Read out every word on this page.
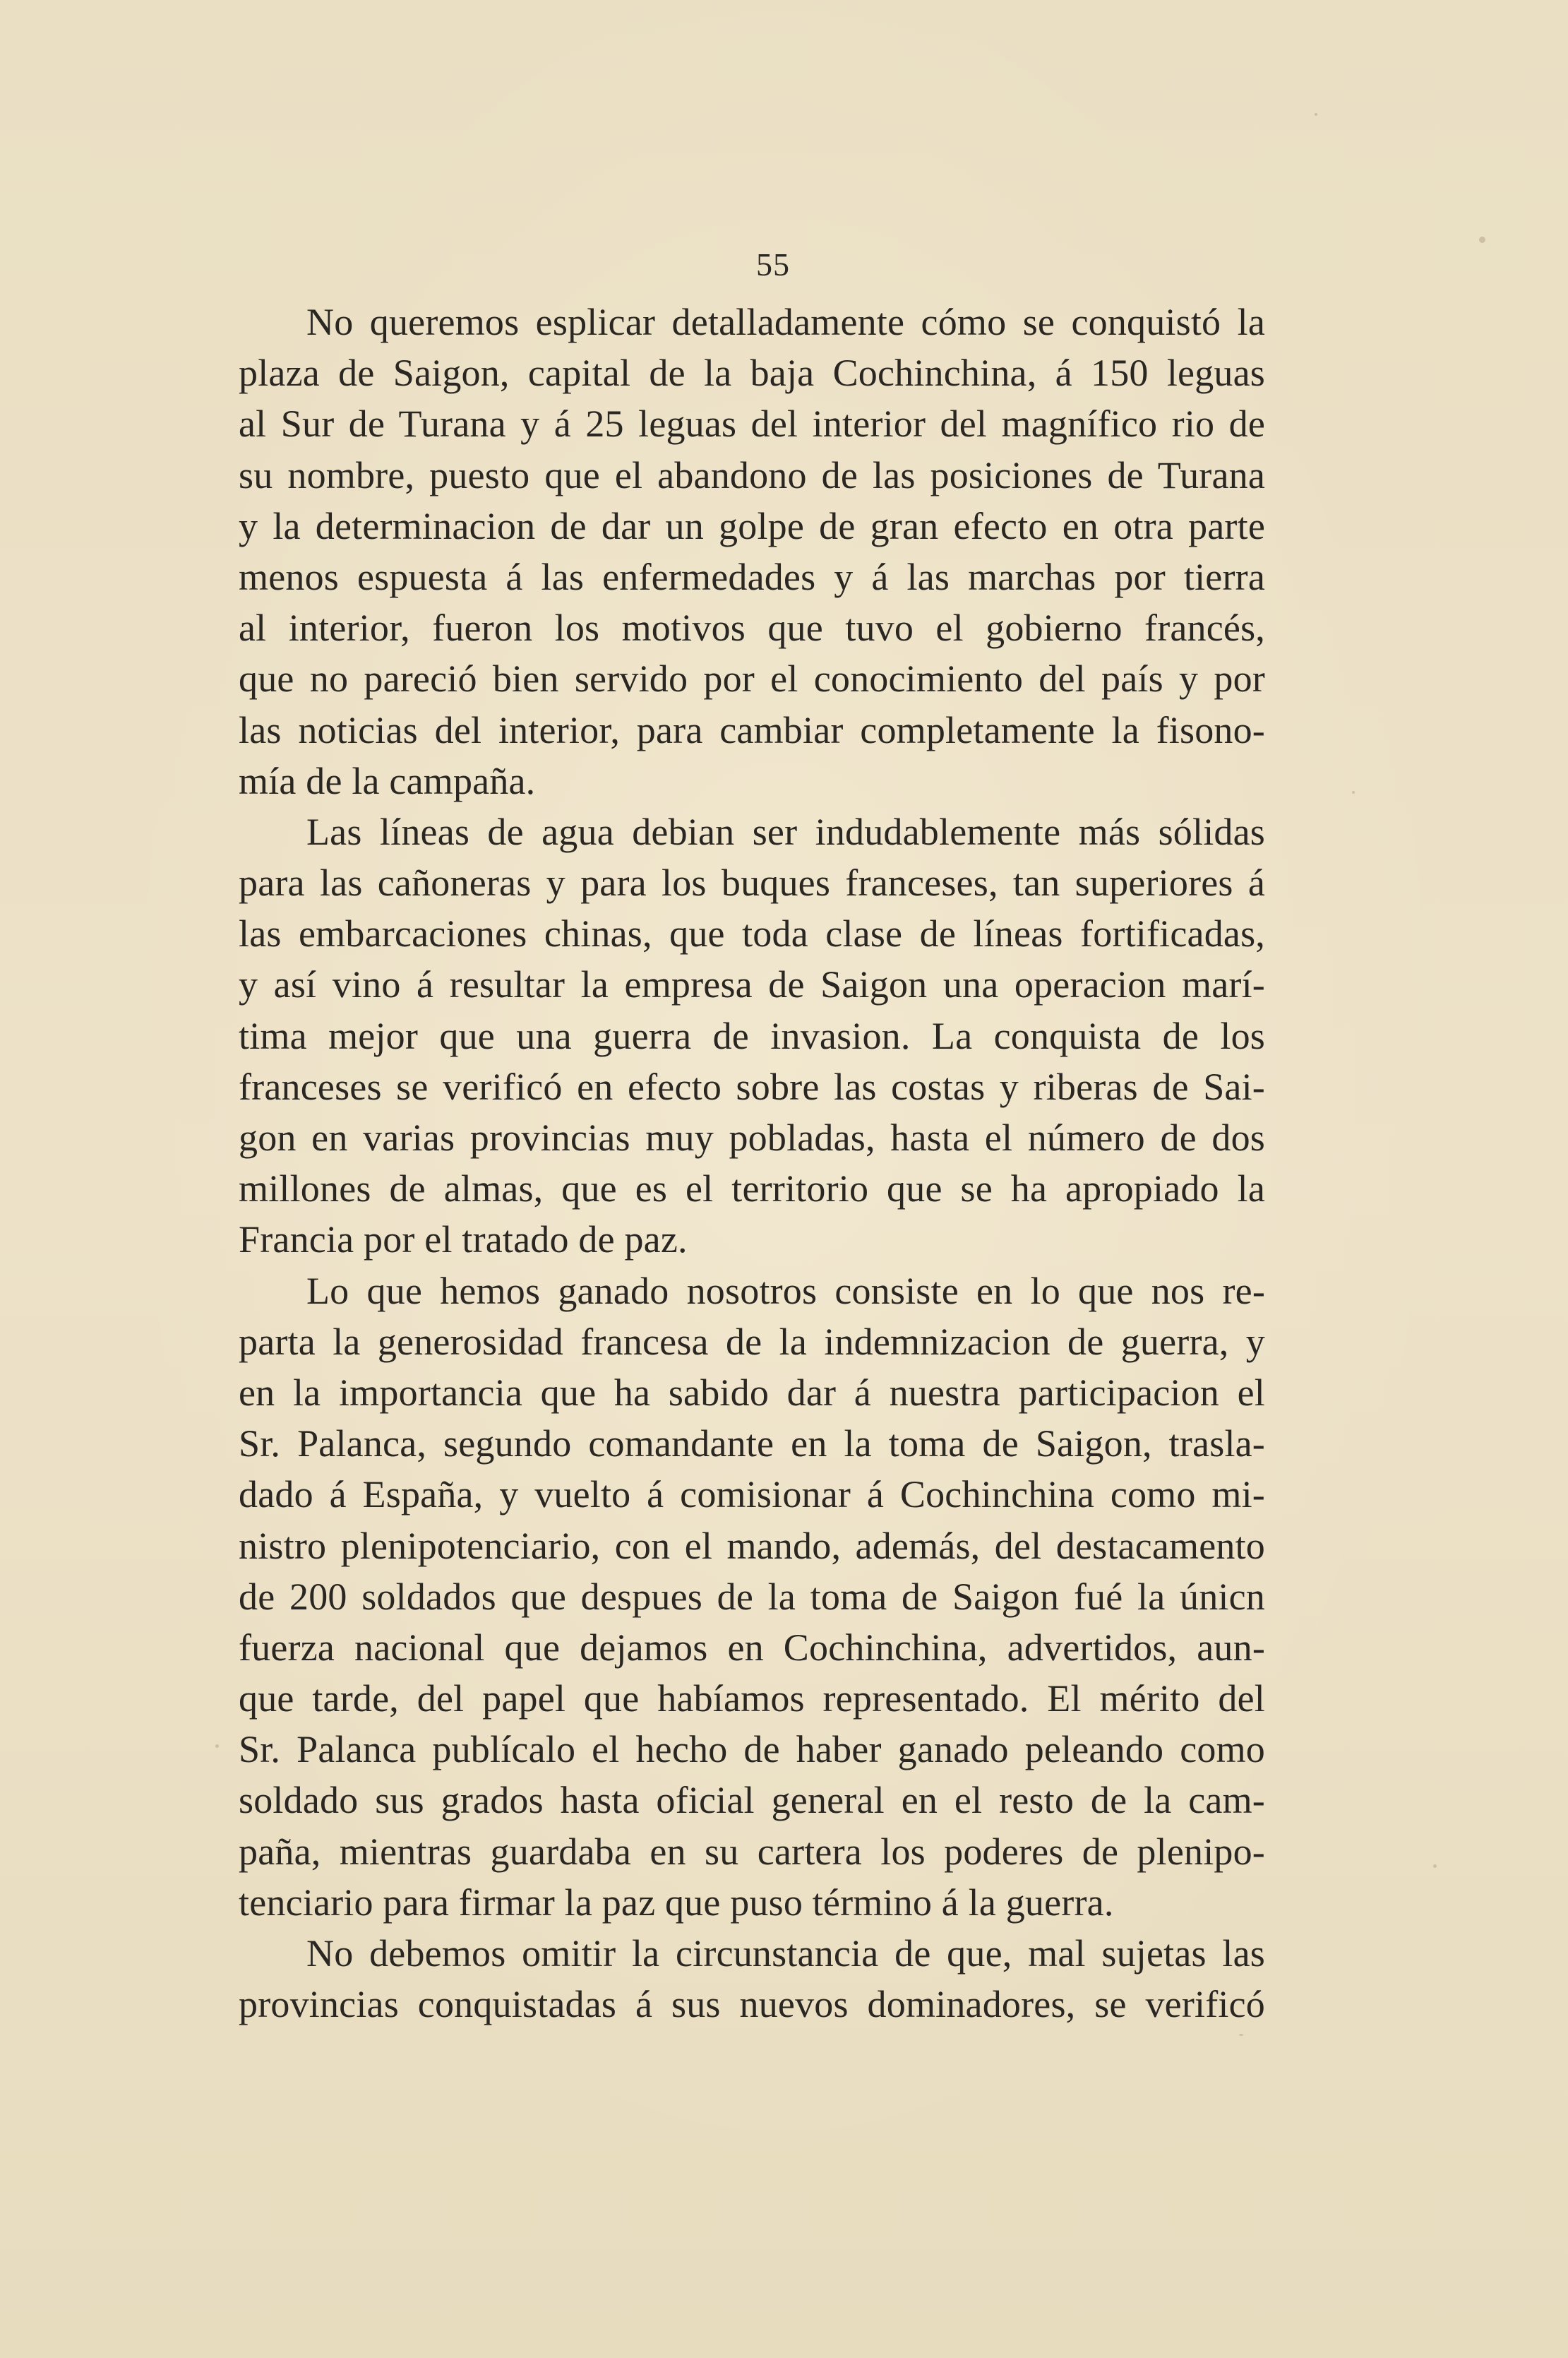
55
No queremos esplicar detalladamente cómo se conquistó la
plaza de Saigon, capital de la baja Cochinchina, á 150 leguas
al Sur de Turana y á 25 leguas del interior del magnífico rio de
su nombre, puesto que el abandono de las posiciones de Turana
y la determinacion de dar un golpe de gran efecto en otra parte
menos espuesta á las enfermedades y á las marchas por tierra
al interior, fueron los motivos que tuvo el gobierno francés,
que no pareció bien servido por el conocimiento del país y por
las noticias del interior, para cambiar completamente la fisono-
mía de la campaña.
Las líneas de agua debian ser indudablemente más sólidas
para las cañoneras y para los buques franceses, tan superiores á
las embarcaciones chinas, que toda clase de líneas fortificadas,
y así vino á resultar la empresa de Saigon una operacion marí-
tima mejor que una guerra de invasion. La conquista de los
franceses se verificó en efecto sobre las costas y riberas de Sai-
gon en varias provincias muy pobladas, hasta el número de dos
millones de almas, que es el territorio que se ha apropiado la
Francia por el tratado de paz.
Lo que hemos ganado nosotros consiste en lo que nos re-
parta la generosidad francesa de la indemnizacion de guerra, y
en la importancia que ha sabido dar á nuestra participacion el
Sr. Palanca, segundo comandante en la toma de Saigon, trasla-
dado á España, y vuelto á comisionar á Cochinchina como mi-
nistro plenipotenciario, con el mando, además, del destacamento
de 200 soldados que despues de la toma de Saigon fué la únicn
fuerza nacional que dejamos en Cochinchina, advertidos, aun-
que tarde, del papel que habíamos representado. El mérito del
Sr. Palanca publícalo el hecho de haber ganado peleando como
soldado sus grados hasta oficial general en el resto de la cam-
paña, mientras guardaba en su cartera los poderes de plenipo-
tenciario para firmar la paz que puso término á la guerra.
No debemos omitir la circunstancia de que, mal sujetas las
provincias conquistadas á sus nuevos dominadores, se verificó
